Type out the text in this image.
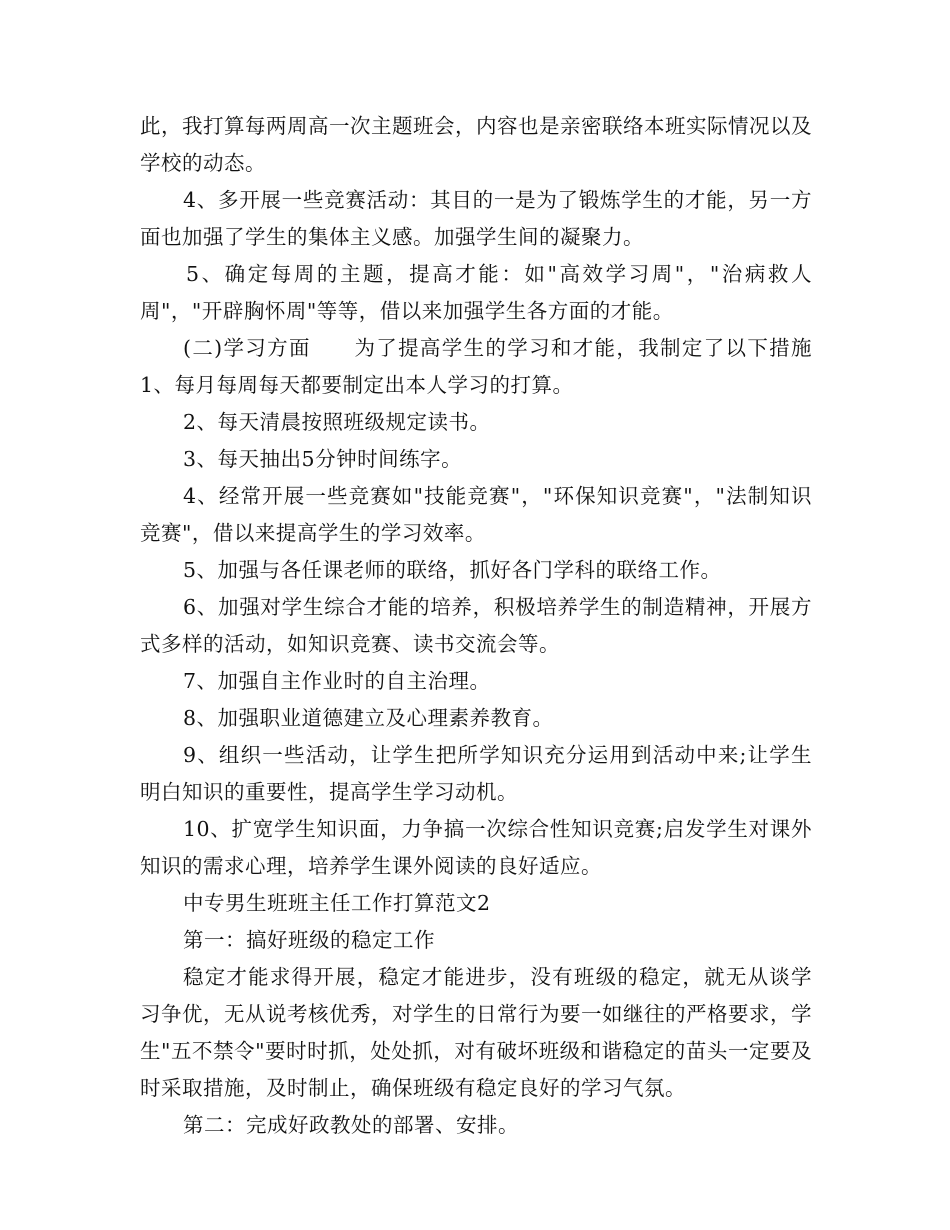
此，我打算每两周高一次主题班会，内容也是亲密联络本班实际情况以及学校的动态。

4、多开展一些竞赛活动：其目的一是为了锻炼学生的才能，另一方面也加强了学生的集体主义感。加强学生间的凝聚力。

5、确定每周的主题，提高才能：如"高效学习周"，"治病救人周"，"开辟胸怀周"等等，借以来加强学生各方面的才能。

(二)学习方面　　为了提高学生的学习和才能，我制定了以下措施　　1、每月每周每天都要制定出本人学习的打算。

2、每天清晨按照班级规定读书。

3、每天抽出5分钟时间练字。

4、经常开展一些竞赛如"技能竞赛"，"环保知识竞赛"，"法制知识竞赛"，借以来提高学生的学习效率。

5、加强与各任课老师的联络，抓好各门学科的联络工作。

6、加强对学生综合才能的培养，积极培养学生的制造精神，开展方式多样的活动，如知识竞赛、读书交流会等。

7、加强自主作业时的自主治理。

8、加强职业道德建立及心理素养教育。

9、组织一些活动，让学生把所学知识充分运用到活动中来;让学生明白知识的重要性，提高学生学习动机。

10、扩宽学生知识面，力争搞一次综合性知识竞赛;启发学生对课外知识的需求心理，培养学生课外阅读的良好适应。

中专男生班班主任工作打算范文2

第一：搞好班级的稳定工作

稳定才能求得开展，稳定才能进步，没有班级的稳定，就无从谈学习争优，无从说考核优秀，对学生的日常行为要一如继往的严格要求，学生"五不禁令"要时时抓，处处抓，对有破坏班级和谐稳定的苗头一定要及时采取措施，及时制止，确保班级有稳定良好的学习气氛。

第二：完成好政教处的部署、安排。
